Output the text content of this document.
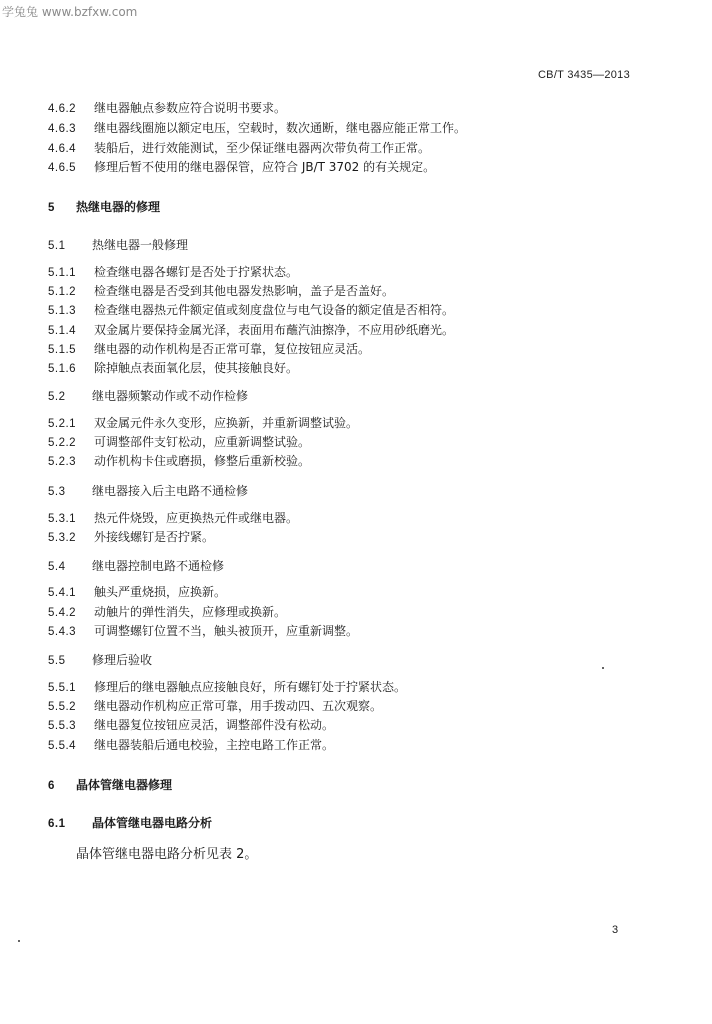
学兔兔 www.bzfxw.com
CB/T 3435—2013
4.6.2 继电器触点参数应符合说明书要求。
4.6.3 继电器线圈施以额定电压，空载时，数次通断，继电器应能正常工作。
4.6.4 装船后，进行效能测试，至少保证继电器两次带负荷工作正常。
4.6.5 修理后暂不使用的继电器保管，应符合 JB/T 3702 的有关规定。
5 热继电器的修理
5.1 热继电器一般修理
5.1.1 检查继电器各螺钉是否处于拧紧状态。
5.1.2 检查继电器是否受到其他电器发热影响，盖子是否盖好。
5.1.3 检查继电器热元件额定值或刻度盘位与电气设备的额定值是否相符。
5.1.4 双金属片要保持金属光泽，表面用布蘸汽油擦净，不应用砂纸磨光。
5.1.5 继电器的动作机构是否正常可靠，复位按钮应灵活。
5.1.6 除掉触点表面氧化层，使其接触良好。
5.2 继电器频繁动作或不动作检修
5.2.1 双金属元件永久变形，应换新，并重新调整试验。
5.2.2 可调整部件支钉松动，应重新调整试验。
5.2.3 动作机构卡住或磨损，修整后重新校验。
5.3 继电器接入后主电路不通检修
5.3.1 热元件烧毁，应更换热元件或继电器。
5.3.2 外接线螺钉是否拧紧。
5.4 继电器控制电路不通检修
5.4.1 触头严重烧损，应换新。
5.4.2 动触片的弹性消失，应修理或换新。
5.4.3 可调整螺钉位置不当，触头被顶开，应重新调整。
5.5 修理后验收
5.5.1 修理后的继电器触点应接触良好，所有螺钉处于拧紧状态。
5.5.2 继电器动作机构应正常可靠，用手拨动四、五次观察。
5.5.3 继电器复位按钮应灵活，调整部件没有松动。
5.5.4 继电器装船后通电校验，主控电路工作正常。
6 晶体管继电器修理
6.1 晶体管继电器电路分析
晶体管继电器电路分析见表 2。
3
